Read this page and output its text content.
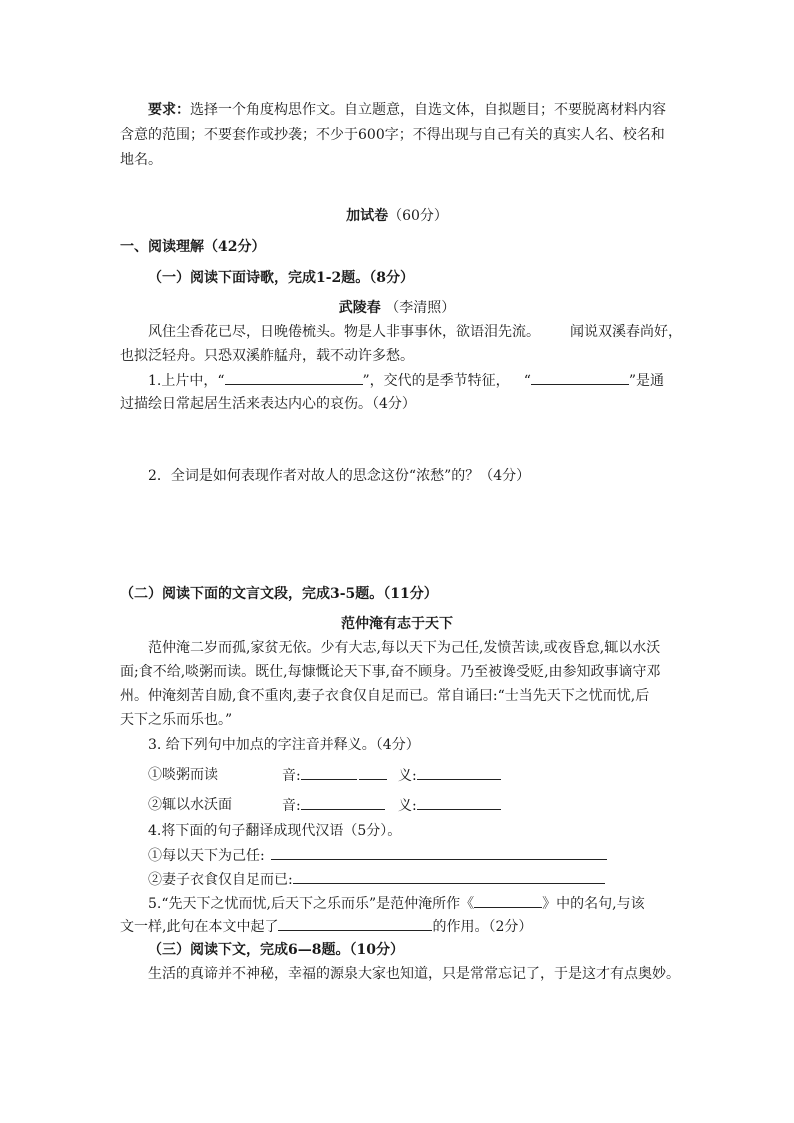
要求：选择一个角度构思作文。自立题意，自选文体，自拟题目；不要脱离材料内容
含意的范围；不要套作或抄袭；不少于600字；不得出现与自己有关的真实人名、校名和
地名。
加试卷（60分）
一、阅读理解（42分）
（一）阅读下面诗歌，完成1-2题。（8分）
武陵春 （李清照）
风住尘香花已尽，日晚倦梳头。物是人非事事休，欲语泪先流。 闻说双溪春尚好，
也拟泛轻舟。只恐双溪舴艋舟，载不动许多愁。
1.上片中，“	”，交代的是季节特征， “	”是通
过描绘日常起居生活来表达内心的哀伤。（4分）
2．全词是如何表现作者对故人的思念这份“浓愁”的？（4分）
（二）阅读下面的文言文段，完成3-5题。（11分）
范仲淹有志于天下
范仲淹二岁而孤,家贫无依。少有大志,每以天下为己任,发愤苦读,或夜昏怠,辄以水沃
面;食不给,啖粥而读。既仕,每慷慨论天下事,奋不顾身。乃至被谗受贬,由参知政事谪守邓
州。仲淹刻苦自励,食不重肉,妻子衣食仅自足而已。常自诵曰:“士当先天下之忧而忧,后
天下之乐而乐也。”
3. 给下列句中加点的字注音并释义。（4分）
①啖粥而读	音:	义:
②辄以水沃面	音:	义:
4.将下面的句子翻译成现代汉语（5分）。
①每以天下为己任:
②妻子衣食仅自足而已:
5.“先天下之忧而忧,后天下之乐而乐”是范仲淹所作《	》中的名句,与该
文一样,此句在本文中起了	的作用。（2分）
（三）阅读下文，完成6—8题。（10分）
生活的真谛并不神秘，幸福的源泉大家也知道，只是常常忘记了，于是这才有点奥妙。
